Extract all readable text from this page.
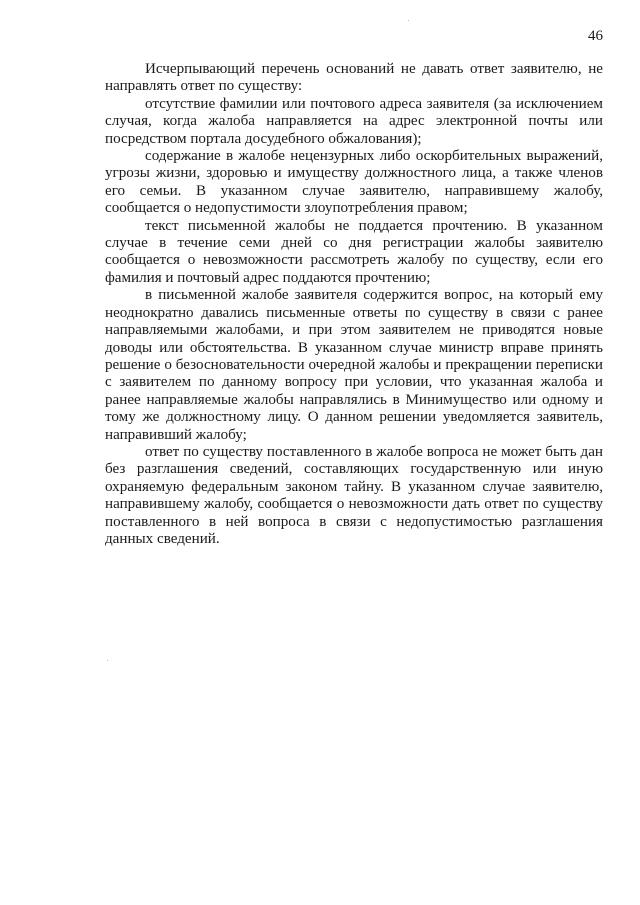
46

Исчерпывающий перечень оснований не давать ответ заявителю, не направлять ответ по существу:

отсутствие фамилии или почтового адреса заявителя (за исключением случая, когда жалоба направляется на адрес электронной почты или посредством портала досудебного обжалования);

содержание в жалобе нецензурных либо оскорбительных выражений, угрозы жизни, здоровью и имуществу должностного лица, а также членов его семьи. В указанном случае заявителю, направившему жалобу, сообщается о недопустимости злоупотребления правом;

текст письменной жалобы не поддается прочтению. В указанном случае в течение семи дней со дня регистрации жалобы заявителю сообщается о невозможности рассмотреть жалобу по существу, если его фамилия и почтовый адрес поддаются прочтению;

в письменной жалобе заявителя содержится вопрос, на который ему неоднократно давались письменные ответы по существу в связи с ранее направляемыми жалобами, и при этом заявителем не приводятся новые доводы или обстоятельства. В указанном случае министр вправе принять решение о безосновательности очередной жалобы и прекращении переписки с заявителем по данному вопросу при условии, что указанная жалоба и ранее направляемые жалобы направлялись в Минимущество или одному и тому же должностному лицу. О данном решении уведомляется заявитель, направивший жалобу;

ответ по существу поставленного в жалобе вопроса не может быть дан без разглашения сведений, составляющих государственную или иную охраняемую федеральным законом тайну. В указанном случае заявителю, направившему жалобу, сообщается о невозможности дать ответ по существу поставленного в ней вопроса в связи с недопустимостью разглашения данных сведений.
